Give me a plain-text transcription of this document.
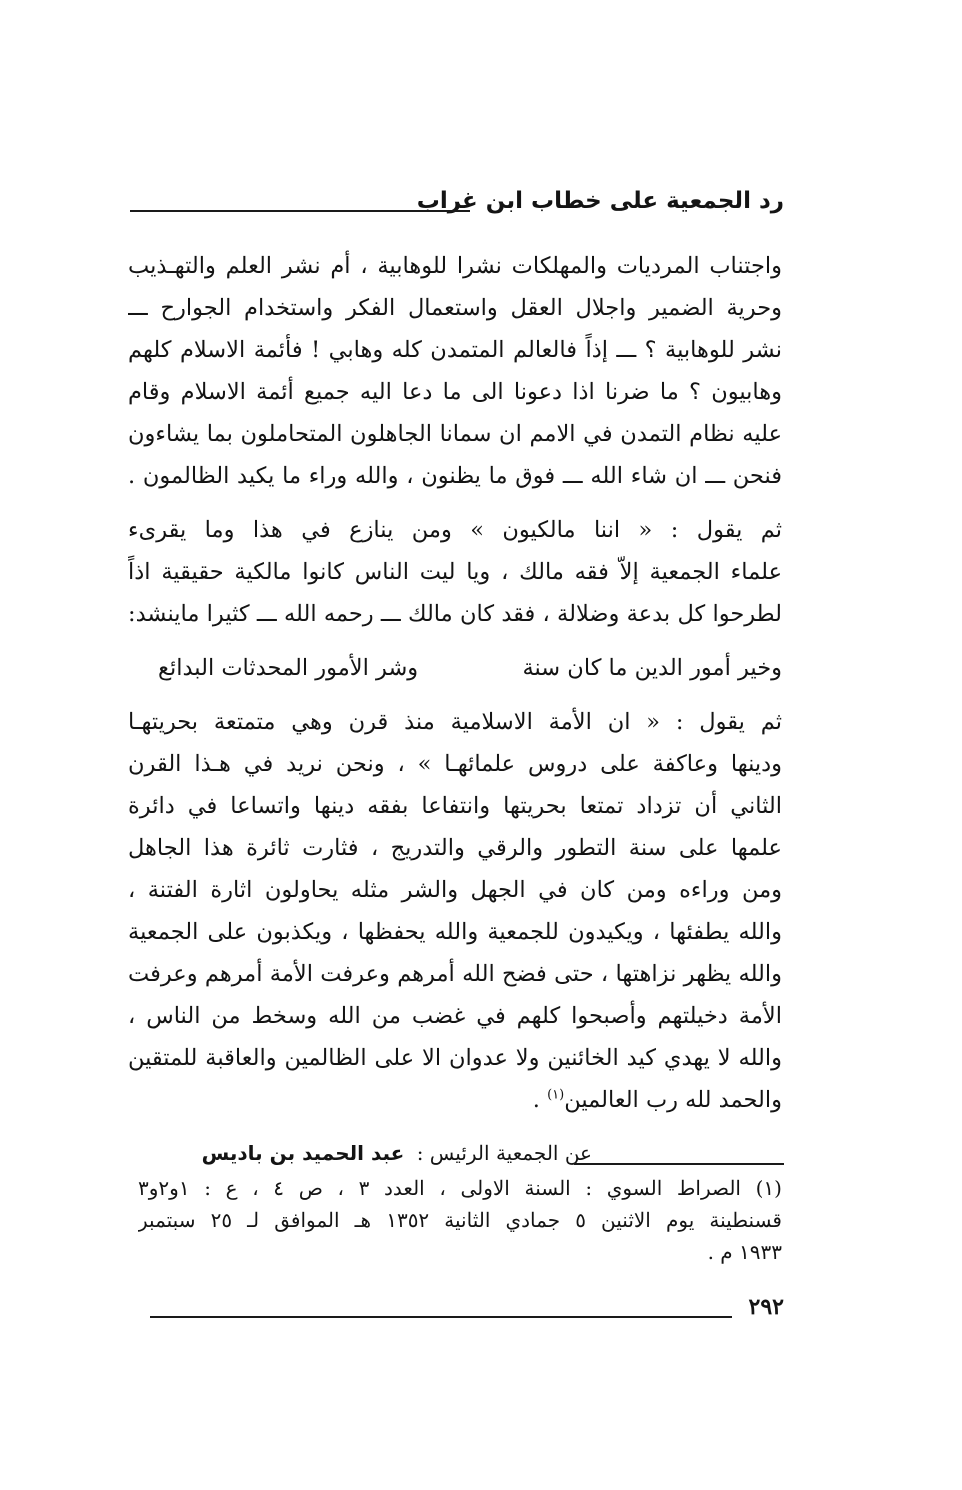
رد الجمعية على خطاب ابن غراب
واجتناب المرديات والمهلكات نشرا للوهابية ، أم نشر العلم والتهـذيب
وحرية الضمير واجلال العقل واستعمال الفكر واستخدام الجوارح ـــ
نشر للوهابية ؟ ـــ إذاً فالعالم المتمدن كله وهابي ! فأئمة الاسلام كلهم
وهابيون ؟ ما ضرنا اذا دعونا الى ما دعا اليه جميع أئمة الاسلام وقام
عليه نظام التمدن في الامم ان سمانا الجاهلون المتحاملون بما يشاءون
فنحن ـــ ان شاء الله ـــ فوق ما يظنون ، والله وراء ما يكيد الظالمون .
ثم يقول : « اننا مالكيون » ومن ينازع في هذا وما يقرىء
علماء الجمعية إلاّ فقه مالك ، ويا ليت الناس كانوا مالكية حقيقية اذاً
لطرحوا كل بدعة وضلالة ، فقد كان مالك ـــ رحمه الله ـــ كثيرا ماينشد:
وخير أمور الدين ما كان سنة
وشر الأمور المحدثات البدائع
ثم يقول : « ان الأمة الاسلامية منذ قرن وهي متمتعة بحريتهـا
ودينها وعاكفة على دروس علمائهـا » ، ونحن نريد في هـذا القرن
الثاني أن تزداد تمتعا بحريتها وانتفاعا بفقه دينها واتساعا في دائرة
علمها على سنة التطور والرقي والتدريج ، فثارت ثائرة هذا الجاهل
ومن وراءه ومن كان في الجهل والشر مثله يحاولون اثارة الفتنة ،
والله يطفئها ، ويكيدون للجمعية والله يحفظها ، ويكذبون على الجمعية
والله يظهر نزاهتها ، حتى فضح الله أمرهم وعرفت الأمة أمرهم وعرفت
الأمة دخيلتهم وأصبحوا كلهم في غضب من الله وسخط من الناس ،
والله لا يهدي كيد الخائنين ولا عدوان الا على الظالمين والعاقبة للمتقين
والحمد لله رب العالمين$^{(١)}$ .
عن الجمعية الرئيس : عبد الحميد بن باديس
(١) الصراط السوي : السنة الاولى ، العدد ٣ ، ص ٤ ، ع : ١و٢و٣
قسنطينة يوم الاثنين ٥ جمادي الثانية ١٣٥٢ هـ الموافق لـ ٢٥ سبتمبر
١٩٣٣ م .
٢٩٢
